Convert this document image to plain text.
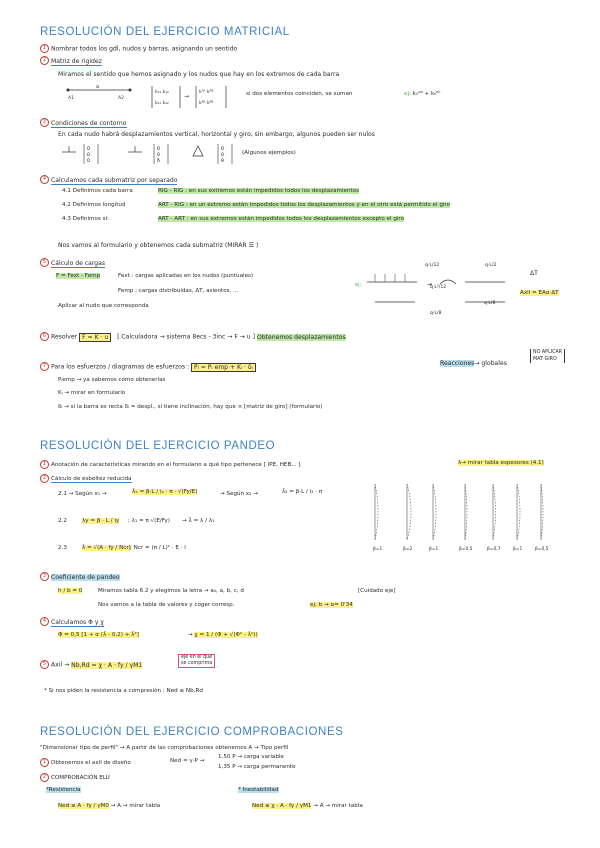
RESOLUCIÓN DEL EJERCICIO MATRICIAL
1 Nombrar todos los gdl, nudos y barras, asignando un sentido
2 Matriz de rigidez
Miramos el sentido que hemos asignado y los nudos que hay en los extremos de cada barra
a
A1	A2
k₁₁ k₁₂
k₂₁ k₂₂
→
kᴬᴬ kᴬᴮ
kᴮᴬ kᴮᴮ
si dos elementos coinciden, se suman	ej: kᵢᵢᴬᴮ + kᵢᵢᴮᶜ
3 Condiciones de contorno
En cada nudo habrá desplazamientos vertical, horizontal y giro, sin embargo, algunos pueden ser nulos
0
0
0
0
0
δ
0
0
θ
(Algunos ejemplos)
4 Calculamos cada submatriz por separado
4.1 Definimos cada barra	RIG - RIG : en sus extremos están impedidos todos los desplazamientos
4.2 Definimos longitud	ART - RIG : en un extremo están impedidos todos los desplazamientos y en el otro está permitido el giro
4.3 Definimos si:	ART - ART : en sus extremos están impedidos todos los desplazamientos excepto el giro
Nos vamos al formulario y obtenemos cada submatriz (MIRAR ☰ )
5 Cálculo de cargas
F = Fext - Femp	Fext : cargas aplicadas en los nudos (puntuales)
Femp : cargas distribuidas, ΔT, asientos, ...
Aplicar al nudo que corresponda
ej:	→
q·L/12	q·L/2
q·L²/12
q·L/8
q·L/8
ΔT
Axil = EAα·ΔT
6 Resolver F = K · u   [ Calculadora → sistema 8ecs - 3inc → F → u ] Obtenemos desplazamientos
7 Para los esfuerzos / diagramas de esfuerzos : Pᵢ = Pᵢ emp + Kᵢ · δᵢ	Reacciones→ globales
NO APLICAR
MAT GIRO
Pᵢemp → ya sabemos cómo obtenerlas
Kᵢ → mirar en formulario
δᵢ → si la barra es recta δᵢ = despl., si tiene inclinación, hay que × [matriz de giro] (formulario)
RESOLUCIÓN DEL EJERCICIO PANDEO
1 Anotación de características mirando en el formulario a qué tipo pertenece [ IPE, HEB... ]	λ→ mirar tabla espesores (4.1)
2 Cálculo de esbeltez reducida
2.1 → Según x₁ →	λ̄ₓ = β·L / iₓ · π · √(Fy/E)	→ Según x₂ →	λ̄₂ = β·L / i₂ · π
2.2	λy = β · L / iy ; λ₁ = π √(E/Fy) → λ̄ = λ / λ₁
2.3	λ̄ = √(A · fy / Ncr) ; Ncr = (π / L)² · E · I	β=1	β=2	β=1	β=0,5	β=0,7	β=1	β=0,5
3 Coeficiente de pandeo
h / b = 0	Miramos tabla 6.2 y elegimos la letra → a₀, a, b, c, d	[Cuidado eje]
Nos vamos a la tabla de valores y coger corresp.	ej: b → α= 0'34
4 Calculamos Φ y χ
Φ = 0,5 [1 + α (λ̄ - 0,2) + λ̄²]	→ χ = 1 / (Φ + √(Φ² - λ̄²))
5 Axil → Nb,Rd = χ · A · fy / γM1
eje en el que
se comprima
* Si nos piden la resistencia a compresión : Ned ≤ Nb,Rd
RESOLUCIÓN DEL EJERCICIO COMPROBACIONES
"Dimensionar tipo de perfil" → A partir de las comprobaciones obtenemos A → Tipo perfil
1 Obtenemos el axil de diseño	Ned = γ·P →
1,50 P → carga variable
1,35 P → carga permanente
2 COMPROBACIÓN ELU
*Resistencia
Ned ≤ A · fy / γM0 → A → mirar tabla
* Inestabilidad
Ned ≤ χ · A · fy / γM1 → A → mirar tabla
